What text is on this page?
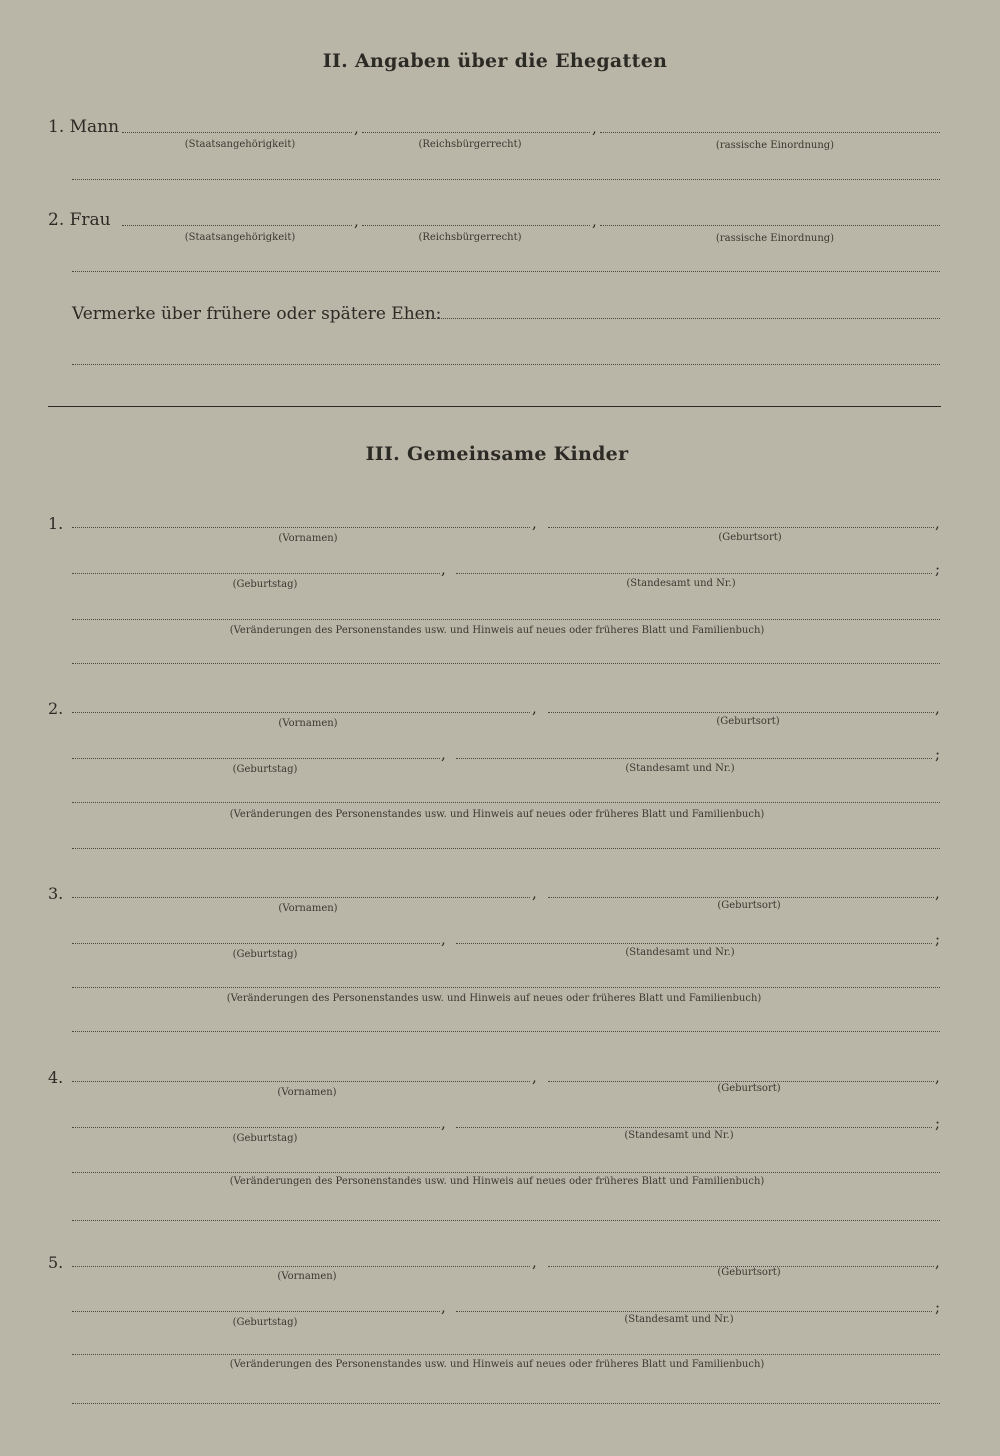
II. Angaben über die Ehegatten
1. Mann	,	,
(Staatsangehörigkeit)	(Reichsbürgerrecht)	(rassische Einordnung)
2. Frau	,	,
(Staatsangehörigkeit)	(Reichsbürgerrecht)	(rassische Einordnung)
Vermerke über frühere oder spätere Ehen:
III. Gemeinsame Kinder
1.	,	,
(Vornamen)	(Geburtsort)
,	;
(Geburtstag)	(Standesamt und Nr.)
(Veränderungen des Personenstandes usw. und Hinweis auf neues oder früheres Blatt und Familienbuch)
2.	,	,
(Vornamen)	(Geburtsort)
,	;
(Geburtstag)	(Standesamt und Nr.)
(Veränderungen des Personenstandes usw. und Hinweis auf neues oder früheres Blatt und Familienbuch)
3.	,	,
(Vornamen)	(Geburtsort)
,	;
(Geburtstag)	(Standesamt und Nr.)
(Veränderungen des Personenstandes usw. und Hinweis auf neues oder früheres Blatt und Familienbuch)
4.	,	,
(Vornamen)	(Geburtsort)
,	;
(Geburtstag)	(Standesamt und Nr.)
(Veränderungen des Personenstandes usw. und Hinweis auf neues oder früheres Blatt und Familienbuch)
5.	,	,
(Vornamen)	(Geburtsort)
,	;
(Geburtstag)	(Standesamt und Nr.)
(Veränderungen des Personenstandes usw. und Hinweis auf neues oder früheres Blatt und Familienbuch)
